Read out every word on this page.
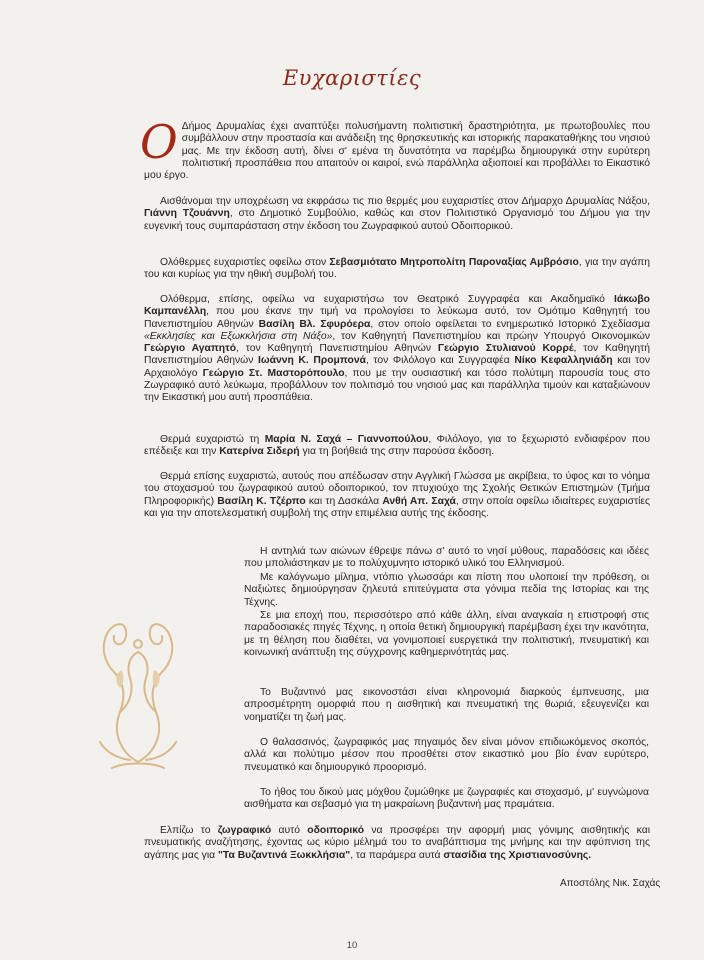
Ευχαριστίες

Ο Δήμος Δρυμαλίας έχει αναπτύξει πολυσήμαντη πολιτιστική δραστηριότητα, με πρωτοβουλίες που συμβάλλουν στην προστασία και ανάδειξη της θρησκευτικής και ιστορικής παρακαταθήκης του νησιού μας. Με την έκδοση αυτή, δίνει σ' εμένα τη δυνατότητα να παρέμβω δημιουργικά στην ευρύτερη πολιτιστική προσπάθεια που απαιτούν οι καιροί, ενώ παράλληλα αξιοποιεί και προβάλλει το Εικαστικό μου έργο.

Αισθάνομαι την υποχρέωση να εκφράσω τις πιο θερμές μου ευχαριστίες στον Δήμαρχο Δρυμαλίας Νάξου, Γιάννη Τζουάννη, στο Δημοτικό Συμβούλιο, καθώς και στον Πολιτιστικό Οργανισμό του Δήμου για την ευγενική τους συμπαράσταση στην έκδοση του Ζωγραφικού αυτού Οδοιπορικού.

Ολόθερμες ευχαριστίες οφείλω στον Σεβασμιότατο Μητροπολίτη Παροναξίας Αμβρόσιο, για την αγάπη του και κυρίως για την ηθική συμβολή του.

Ολόθερμα, επίσης, οφείλω να ευχαριστήσω τον Θεατρικό Συγγραφέα και Ακαδημαϊκό Ιάκωβο Καμπανέλλη, που μου έκανε την τιμή να προλογίσει το λεύκωμα αυτό, τον Ομότιμο Καθηγητή του Πανεπιστημίου Αθηνών Βασίλη Βλ. Σφυρόερα, στον οποίο οφείλεται το ενημερωτικό Ιστορικό Σχεδίασμα «Εκκλησίες και Εξωκκλήσια στη Νάξο», τον Καθηγητή Πανεπιστημίου και πρώην Υπουργό Οικονομικών Γεώργιο Αγαπητό, τον Καθηγητή Πανεπιστημίου Αθηνών Γεώργιο Στυλιανού Κορρέ, τον Καθηγητή Πανεπιστημίου Αθηνών Ιωάννη Κ. Προμπονά, τον Φιλόλογο και Συγγραφέα Νίκο Κεφαλληνιάδη και τον Αρχαιολόγο Γεώργιο Στ. Μαστορόπουλο, που με την ουσιαστική και τόσο πολύτιμη παρουσία τους στο Ζωγραφικό αυτό λεύκωμα, προβάλλουν τον πολιτισμό του νησιού μας και παράλληλα τιμούν και καταξιώνουν την Εικαστική μου αυτή προσπάθεια.

Θερμά ευχαριστώ τη Μαρία Ν. Σαχά – Γιαννοπούλου, Φιλόλογο, για το ξεχωριστό ενδιαφέρον που επέδειξε και την Κατερίνα Σιδερή για τη βοήθειά της στην παρούσα έκδοση.

Θερμά επίσης ευχαριστώ, αυτούς που απέδωσαν στην Αγγλική Γλώσσα με ακρίβεια, το ύφος και το νόημα του στοχασμού του ζωγραφικού αυτού οδοιπορικού, τον πτυχιούχο της Σχολής Θετικών Επιστημών (Τμήμα Πληροφορικής) Βασίλη Κ. Τζέρπο και τη Δασκάλα Ανθή Απ. Σαχά, στην οποία οφείλω ιδιαίτερες ευχαριστίες και για την αποτελεσματική συμβολή της στην επιμέλεια αυτής της έκδοσης.

Η αντηλιά των αιώνων έθρεψε πάνω σ' αυτό το νησί μύθους, παραδόσεις και ιδέες που μπολιάστηκαν με το πολύχυμνητο ιστορικό υλικό του Ελληνισμού.

Με καλόγνωμο μίλημα, ντόπιο γλωσσάρι και πίστη που υλοποιεί την πρόθεση, οι Ναξιώτες δημιούργησαν ζηλευτά επιτεύγματα στα γόνιμα πεδία της Ιστορίας και της Τέχνης.

Σε μια εποχή που, περισσότερο από κάθε άλλη, είναι αναγκαία η επιστροφή στις παραδοσιακές πηγές Τέχνης, η οποία θετική δημιουργική παρέμβαση έχει την ικανότητα, με τη θέληση που διαθέτει, να γονιμοποιεί ευεργετικά την πολιτιστική, πνευματική και κοινωνική ανάπτυξη της σύγχρονης καθημερινότητάς μας.

Το Βυζαντινό μας εικονοστάσι είναι κληρονομιά διαρκούς έμπνευσης, μια απροσμέτρητη ομορφιά που η αισθητική και πνευματική της θωριά, εξευγενίζει και νοηματίζει τη ζωή μας.

Ο θαλασσινός, ζωγραφικός μας πηγαιμός δεν είναι μόνον επιδιωκόμενος σκοπός, αλλά και πολύτιμο μέσον που προσθέτει στον εικαστικό μου βίο έναν ευρύτερο, πνευματικό και δημιουργικό προορισμό.

Το ήθος του δικού μας μόχθου ζυμώθηκε με ζωγραφιές και στοχασμό, μ' ευγνώμονα αισθήματα και σεβασμό για τη μακραίωνη βυζαντινή μας πραμάτεια.

Ελπίζω το ζωγραφικό αυτό οδοιπορικό να προσφέρει την αφορμή μιας γόνιμης αισθητικής και πνευματικής αναζήτησης, έχοντας ως κύριο μέλημά του το αναβάπτισμα της μνήμης και την αφύπνιση της αγάπης μας για "Τα Βυζαντινά Ξωκκλήσια", τα παράμερα αυτά στασίδια της Χριστιανοσύνης.

Αποστόλης Νικ. Σαχάς
10
